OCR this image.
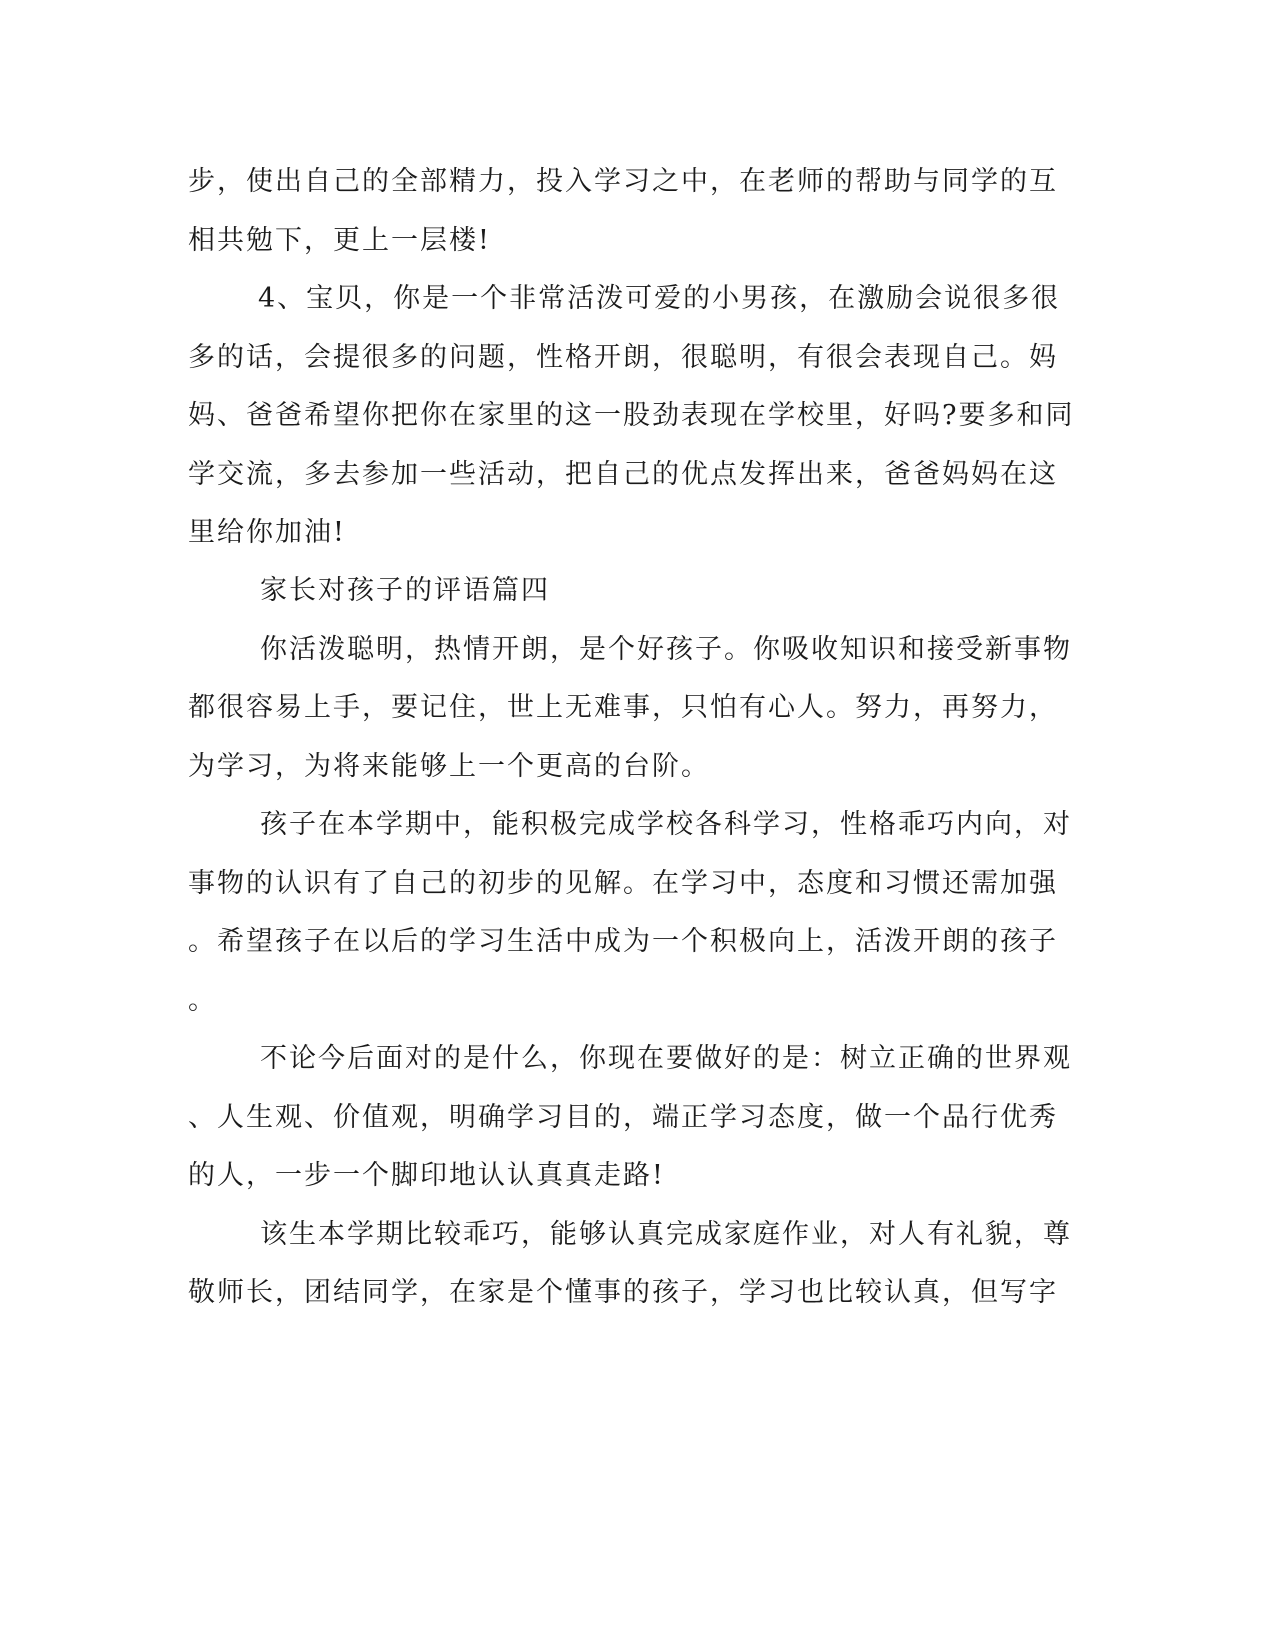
步，使出自己的全部精力，投入学习之中，在老师的帮助与同学的互
相共勉下，更上一层楼!
4、宝贝，你是一个非常活泼可爱的小男孩，在激励会说很多很
多的话，会提很多的问题，性格开朗，很聪明，有很会表现自己。妈
妈、爸爸希望你把你在家里的这一股劲表现在学校里，好吗?要多和同
学交流，多去参加一些活动，把自己的优点发挥出来，爸爸妈妈在这
里给你加油!
家长对孩子的评语篇四
你活泼聪明，热情开朗，是个好孩子。你吸收知识和接受新事物
都很容易上手，要记住，世上无难事，只怕有心人。努力，再努力，
为学习，为将来能够上一个更高的台阶。
孩子在本学期中，能积极完成学校各科学习，性格乖巧内向，对
事物的认识有了自己的初步的见解。在学习中，态度和习惯还需加强
。希望孩子在以后的学习生活中成为一个积极向上，活泼开朗的孩子
。
不论今后面对的是什么，你现在要做好的是：树立正确的世界观
、人生观、价值观，明确学习目的，端正学习态度，做一个品行优秀
的人，一步一个脚印地认认真真走路!
该生本学期比较乖巧，能够认真完成家庭作业，对人有礼貌，尊
敬师长，团结同学，在家是个懂事的孩子，学习也比较认真，但写字
